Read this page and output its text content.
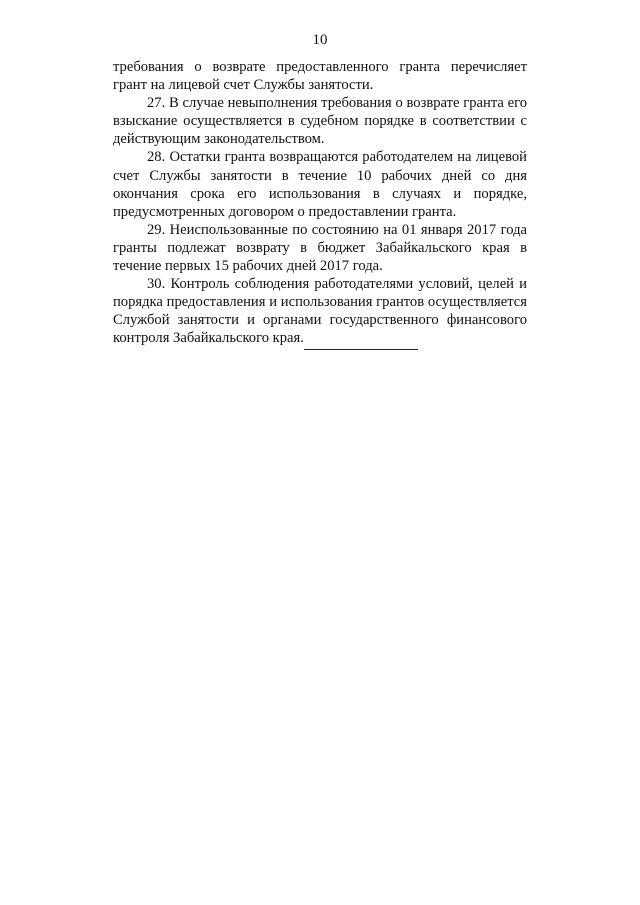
10

требования о возврате предоставленного гранта перечисляет грант на лицевой счет Службы занятости.

27. В случае невыполнения требования о возврате гранта его взыскание осуществляется в судебном порядке в соответствии с действующим законодательством.

28. Остатки гранта возвращаются работодателем на лицевой счет Службы занятости в течение 10 рабочих дней со дня окончания срока его использования в случаях и порядке, предусмотренных договором о предоставлении гранта.

29. Неиспользованные по состоянию на 01 января 2017 года гранты подлежат возврату в бюджет Забайкальского края в течение первых 15 рабочих дней 2017 года.

30. Контроль соблюдения работодателями условий, целей и порядка предоставления и использования грантов осуществляется Службой занятости и органами государственного финансового контроля Забайкальского края.
